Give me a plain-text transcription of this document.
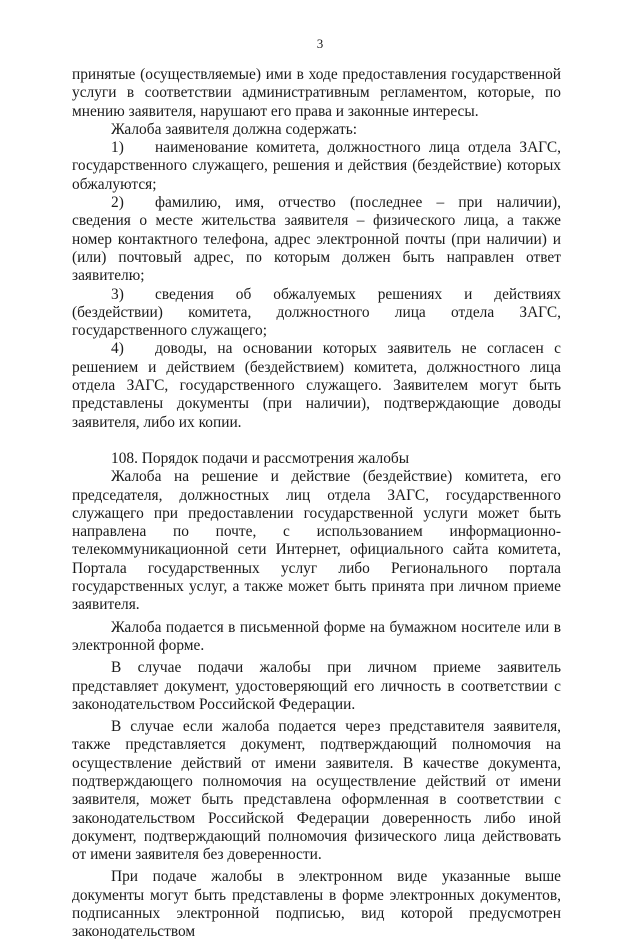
3

принятые (осуществляемые) ими в ходе предоставления государственной услуги в соответствии административным регламентом, которые, по мнению заявителя, нарушают его права и законные интересы.

Жалоба заявителя должна содержать:

1) наименование комитета, должностного лица отдела ЗАГС, государственного служащего, решения и действия (бездействие) которых обжалуются;

2) фамилию, имя, отчество (последнее – при наличии), сведения о месте жительства заявителя – физического лица, а также номер контактного телефона, адрес электронной почты (при наличии) и (или) почтовый адрес, по которым должен быть направлен ответ заявителю;

3) сведения об обжалуемых решениях и действиях (бездействии) комитета, должностного лица отдела ЗАГС, государственного служащего;

4) доводы, на основании которых заявитель не согласен с решением и действием (бездействием) комитета, должностного лица отдела ЗАГС, государственного служащего. Заявителем могут быть представлены документы (при наличии), подтверждающие доводы заявителя, либо их копии.

108. Порядок подачи и рассмотрения жалобы

Жалоба на решение и действие (бездействие) комитета, его председателя, должностных лиц отдела ЗАГС, государственного служащего при предоставлении государственной услуги может быть направлена по почте, с использованием информационно-телекоммуникационной сети Интернет, официального сайта комитета, Портала государственных услуг либо Регионального портала государственных услуг, а также может быть принята при личном приеме заявителя.

Жалоба подается в письменной форме на бумажном носителе или в электронной форме.

В случае подачи жалобы при личном приеме заявитель представляет документ, удостоверяющий его личность в соответствии с законодательством Российской Федерации.

В случае если жалоба подается через представителя заявителя, также представляется документ, подтверждающий полномочия на осуществление действий от имени заявителя. В качестве документа, подтверждающего полномочия на осуществление действий от имени заявителя, может быть представлена оформленная в соответствии с законодательством Российской Федерации доверенность либо иной документ, подтверждающий полномочия физического лица действовать от имени заявителя без доверенности.

При подаче жалобы в электронном виде указанные выше документы могут быть представлены в форме электронных документов, подписанных электронной подписью, вид которой предусмотрен законодательством
